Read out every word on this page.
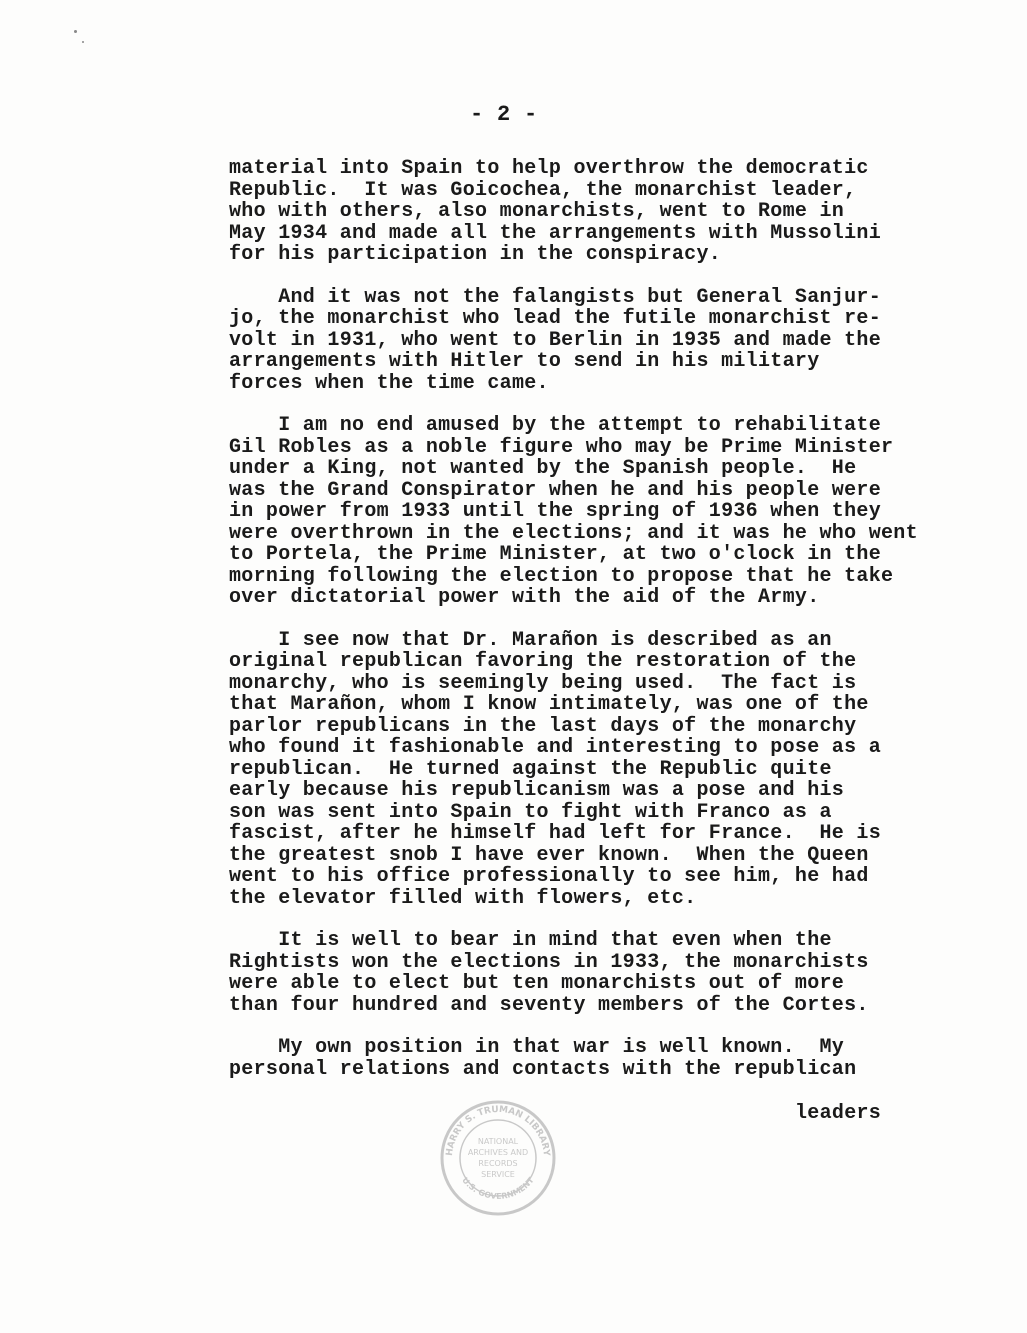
- 2 -
material into Spain to help overthrow the democratic
Republic.  It was Goicochea, the monarchist leader,
who with others, also monarchists, went to Rome in
May 1934 and made all the arrangements with Mussolini
for his participation in the conspiracy.
And it was not the falangists but General Sanjur-
jo, the monarchist who lead the futile monarchist re-
volt in 1931, who went to Berlin in 1935 and made the
arrangements with Hitler to send in his military
forces when the time came.
I am no end amused by the attempt to rehabilitate
Gil Robles as a noble figure who may be Prime Minister
under a King, not wanted by the Spanish people.  He
was the Grand Conspirator when he and his people were
in power from 1933 until the spring of 1936 when they
were overthrown in the elections; and it was he who went
to Portela, the Prime Minister, at two o'clock in the
morning following the election to propose that he take
over dictatorial power with the aid of the Army.
I see now that Dr. Marañon is described as an
original republican favoring the restoration of the
monarchy, who is seemingly being used.  The fact is
that Marañon, whom I know intimately, was one of the
parlor republicans in the last days of the monarchy
who found it fashionable and interesting to pose as a
republican.  He turned against the Republic quite
early because his republicanism was a pose and his
son was sent into Spain to fight with Franco as a
fascist, after he himself had left for France.  He is
the greatest snob I have ever known.  When the Queen
went to his office professionally to see him, he had
the elevator filled with flowers, etc.
It is well to bear in mind that even when the
Rightists won the elections in 1933, the monarchists
were able to elect but ten monarchists out of more
than four hundred and seventy members of the Cortes.
My own position in that war is well known.  My
personal relations and contacts with the republican
leaders
HARRY S. TRUMAN LIBRARY
U.S. GOVERNMENT
NATIONAL
ARCHIVES AND
RECORDS
SERVICE
